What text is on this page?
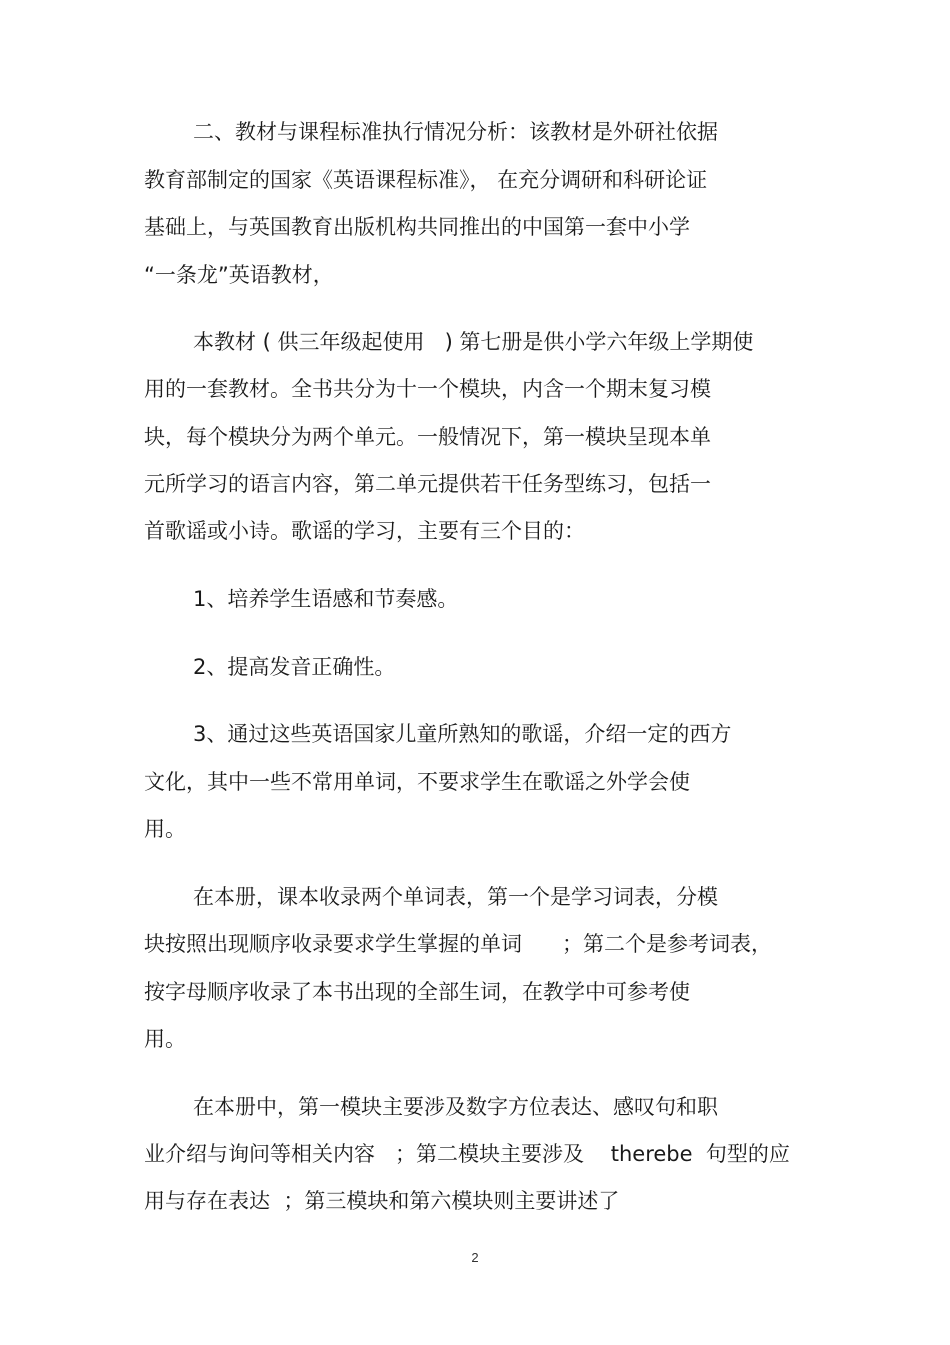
二、教材与课程标准执行情况分析：该教材是外研社依据
教育部制定的国家《英语课程标准》， 在充分调研和科研论证
基础上，与英国教育出版机构共同推出的中国第一套中小学
“一条龙”英语教材，
本教材 ( 供三年级起使用   ) 第七册是供小学六年级上学期使
用的一套教材。全书共分为十一个模块，内含一个期末复习模
块，每个模块分为两个单元。一般情况下，第一模块呈现本单
元所学习的语言内容，第二单元提供若干任务型练习，包括一
首歌谣或小诗。歌谣的学习，主要有三个目的：
1、培养学生语感和节奏感。
2、提高发音正确性。
3、通过这些英语国家儿童所熟知的歌谣，介绍一定的西方
文化，其中一些不常用单词，不要求学生在歌谣之外学会使
用。
在本册，课本收录两个单词表，第一个是学习词表，分模
块按照出现顺序收录要求学生掌握的单词      ；第二个是参考词表，
按字母顺序收录了本书出现的全部生词，在教学中可参考使
用。
在本册中，第一模块主要涉及数字方位表达、感叹句和职
业介绍与询问等相关内容   ；第二模块主要涉及    therebe  句型的应
用与存在表达  ；第三模块和第六模块则主要讲述了
2
